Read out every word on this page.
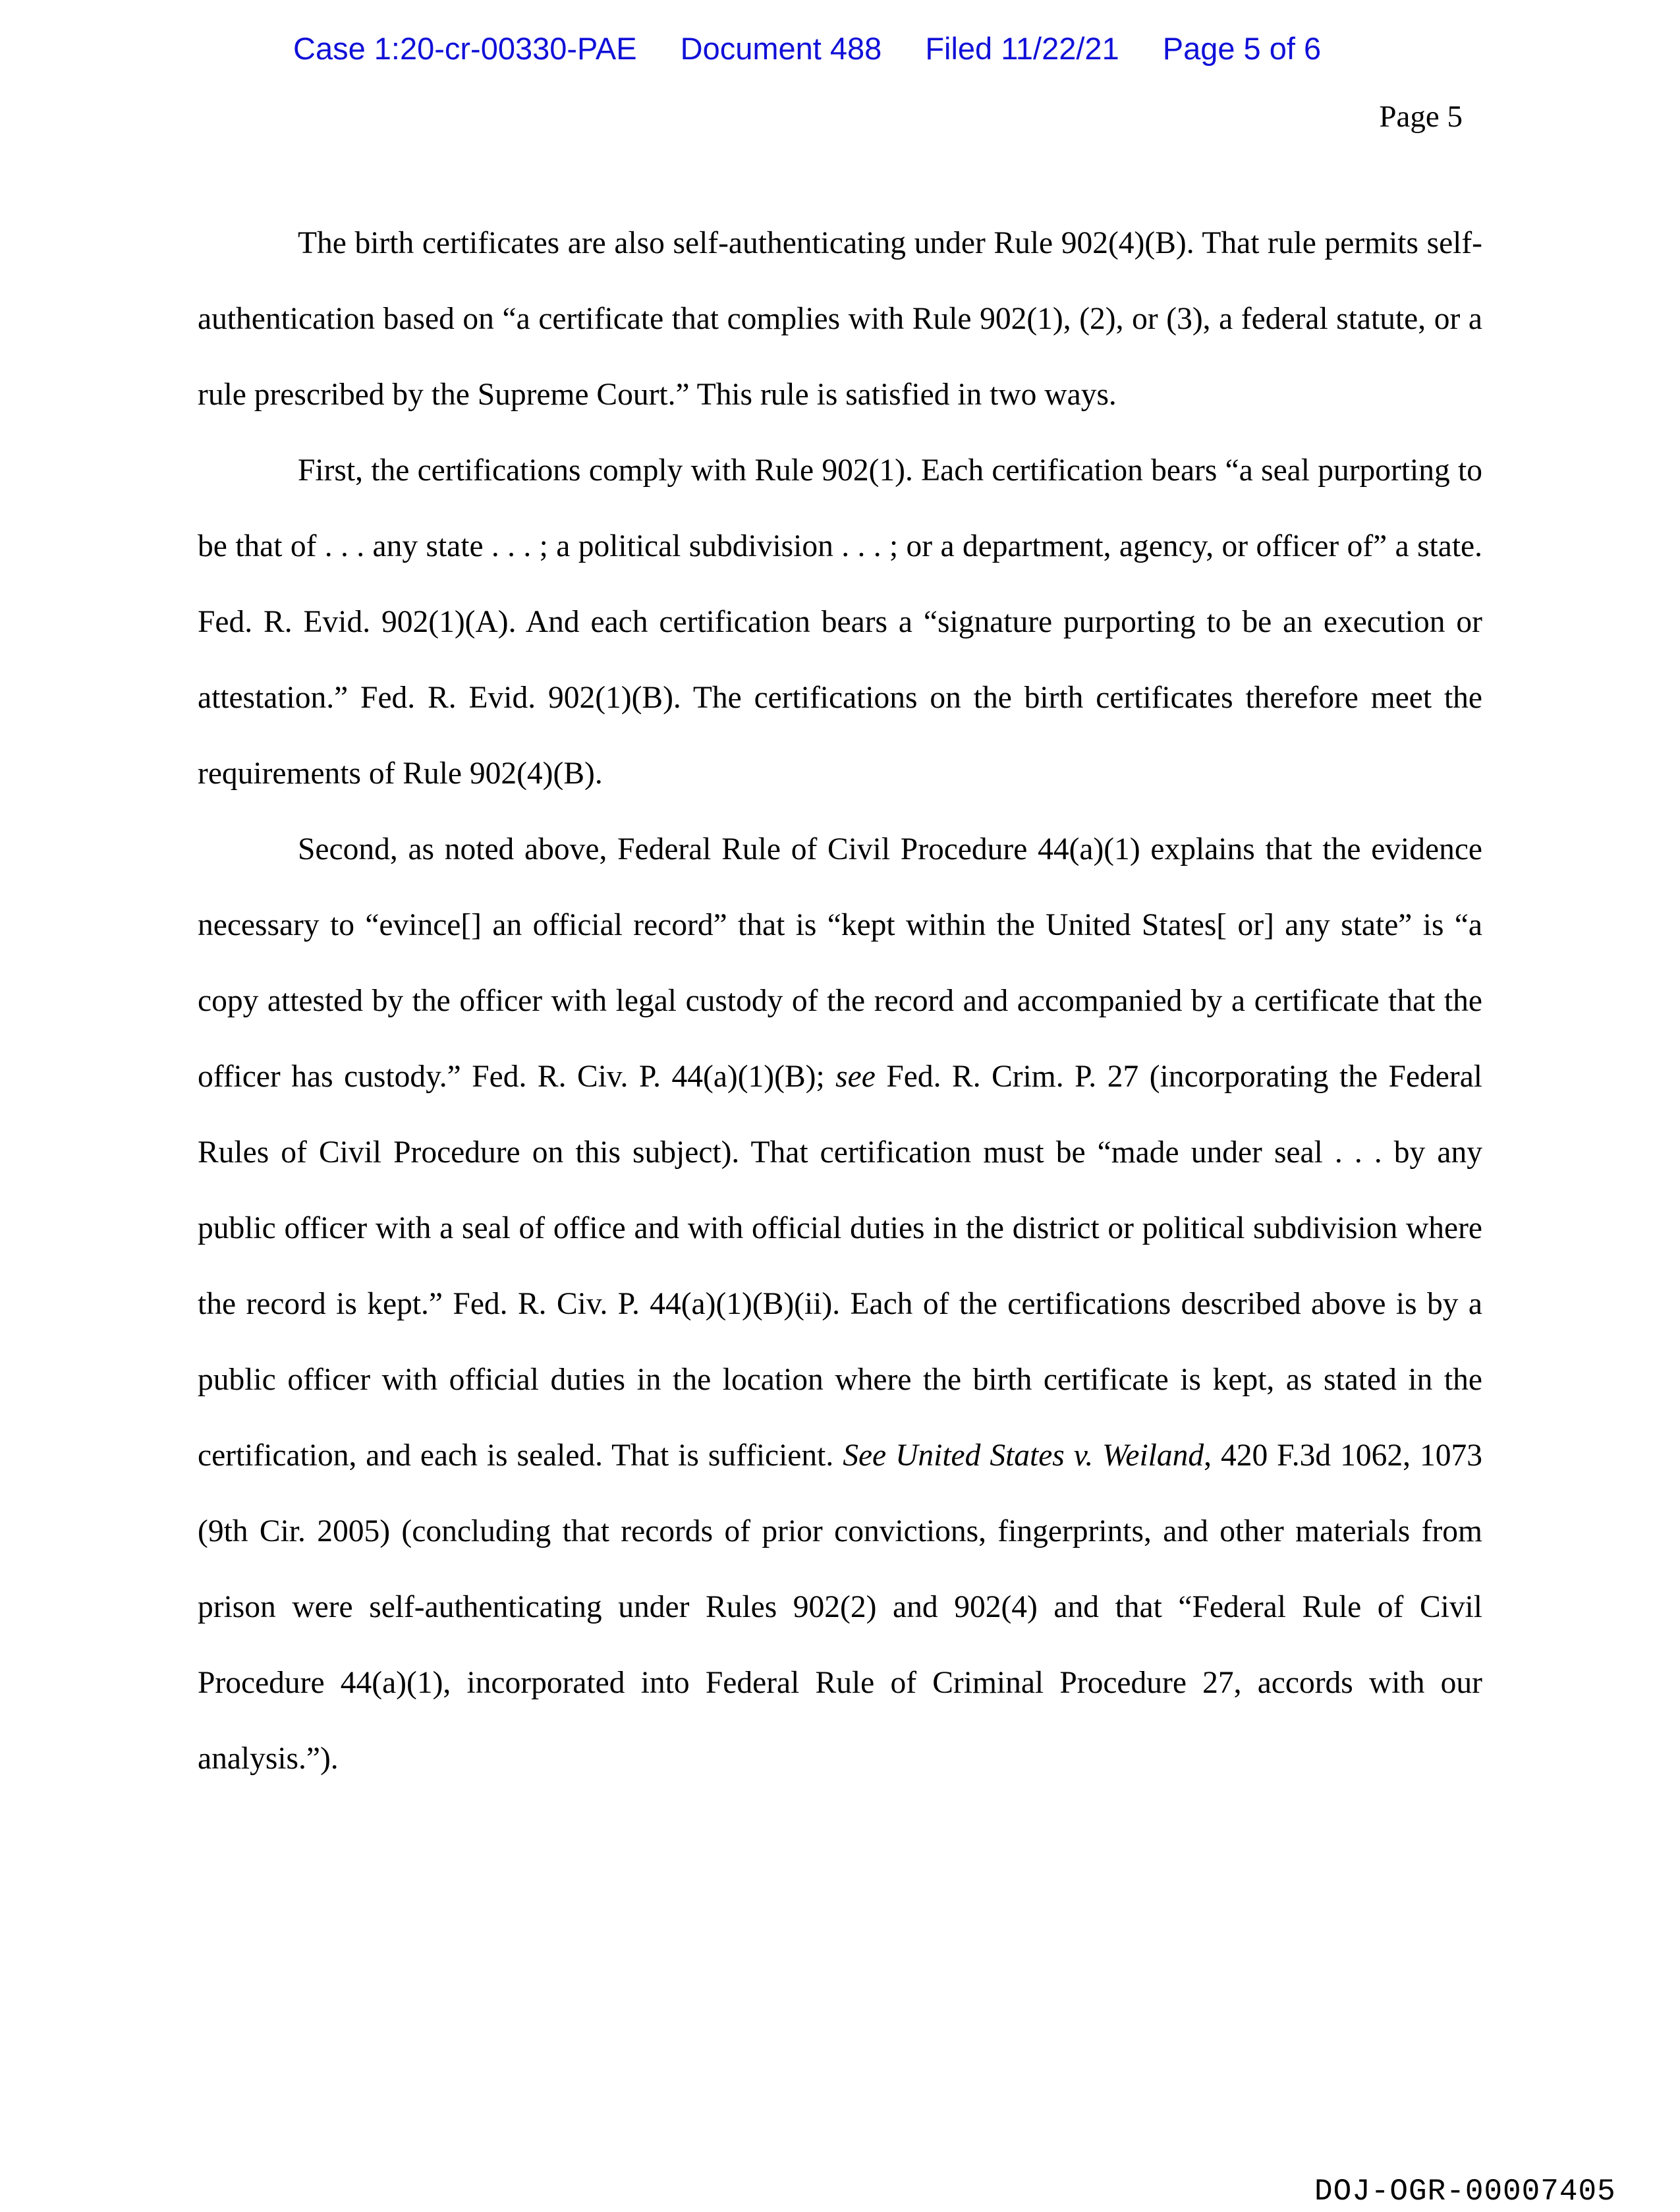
Case 1:20-cr-00330-PAE Document 488 Filed 11/22/21 Page 5 of 6
Page 5

The birth certificates are also self-authenticating under Rule 902(4)(B). That rule permits self-authentication based on “a certificate that complies with Rule 902(1), (2), or (3), a federal statute, or a rule prescribed by the Supreme Court.” This rule is satisfied in two ways.

First, the certifications comply with Rule 902(1). Each certification bears “a seal purporting to be that of . . . any state . . . ; a political subdivision . . . ; or a department, agency, or officer of” a state. Fed. R. Evid. 902(1)(A). And each certification bears a “signature purporting to be an execution or attestation.” Fed. R. Evid. 902(1)(B). The certifications on the birth certificates therefore meet the requirements of Rule 902(4)(B).

Second, as noted above, Federal Rule of Civil Procedure 44(a)(1) explains that the evidence necessary to “evince[] an official record” that is “kept within the United States[ or] any state” is “a copy attested by the officer with legal custody of the record and accompanied by a certificate that the officer has custody.” Fed. R. Civ. P. 44(a)(1)(B); see Fed. R. Crim. P. 27 (incorporating the Federal Rules of Civil Procedure on this subject). That certification must be “made under seal . . . by any public officer with a seal of office and with official duties in the district or political subdivision where the record is kept.” Fed. R. Civ. P. 44(a)(1)(B)(ii). Each of the certifications described above is by a public officer with official duties in the location where the birth certificate is kept, as stated in the certification, and each is sealed. That is sufficient. See United States v. Weiland, 420 F.3d 1062, 1073 (9th Cir. 2005) (concluding that records of prior convictions, fingerprints, and other materials from prison were self-authenticating under Rules 902(2) and 902(4) and that “Federal Rule of Civil Procedure 44(a)(1), incorporated into Federal Rule of Criminal Procedure 27, accords with our analysis.”).

DOJ-OGR-00007405
